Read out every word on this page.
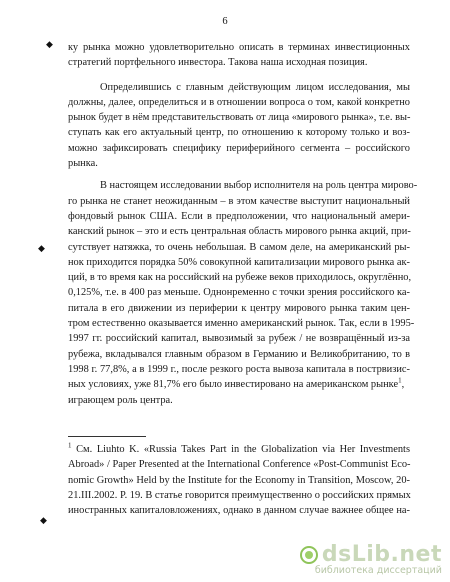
6
◆
◆
◆

ку рынка можно удовлетворительно описать в терминах инвестиционных
стратегий портфельного инвестора. Такова наша исходная позиция.

Определившись с главным действующим лицом исследования, мы
должны, далее, определиться и в отношении вопроса о том, какой конкретно
рынок будет в нём представительствовать от лица «мирового рынка», т.е. вы-
ступать как его актуальный центр, по отношению к которому только и воз-
можно зафиксировать специфику периферийного сегмента – российского
рынка.

В настоящем исследовании выбор исполнителя на роль центра мирово-
го рынка не станет неожиданным – в этом качестве выступит национальный
фондовый рынок США. Если в предположении, что национальный амери-
канский рынок – это и есть центральная область мирового рынка акций, при-
сутствует натяжка, то очень небольшая. В самом деле, на американский ры-
нок приходится порядка 50% совокупной капитализации мирового рынка ак-
ций, в то время как на российский на рубеже веков приходилось, округлённо,
0,125%, т.е. в 400 раз меньше. Однонременно с точки зрения российского ка-
питала в его движении из периферии к центру мирового рынка таким цен-
тром естественно оказывается именно американский рынок. Так, если в 1995-
1997 гг. российский капитал, вывозимый за рубеж / не возвращённый из-за
рубежа, вкладывался главным образом в Германию и Великобританию, то в
1998 г. 77,8%, а в 1999 г., после резкого роста вывоза капитала в пострвизис-
ных условиях, уже 81,7% его было инвестировано на американском рынке$^1$,
играющем роль центра.

$^1$ См. Liuhto K. «Russia Takes Part in the Globalization via Her Investments
Abroad» / Paper Presented at the International Conference «Post-Communist Eco-
nomic Growth» Held by the Institute for the Economy in Transition, Moscow, 20-
21.III.2002. P. 19. В статье говорится преимущественно о российских прямых
иностранных капиталовложениях, однако в данном случае важнее общее на-
dsLib.net
библиотека диссертаций
